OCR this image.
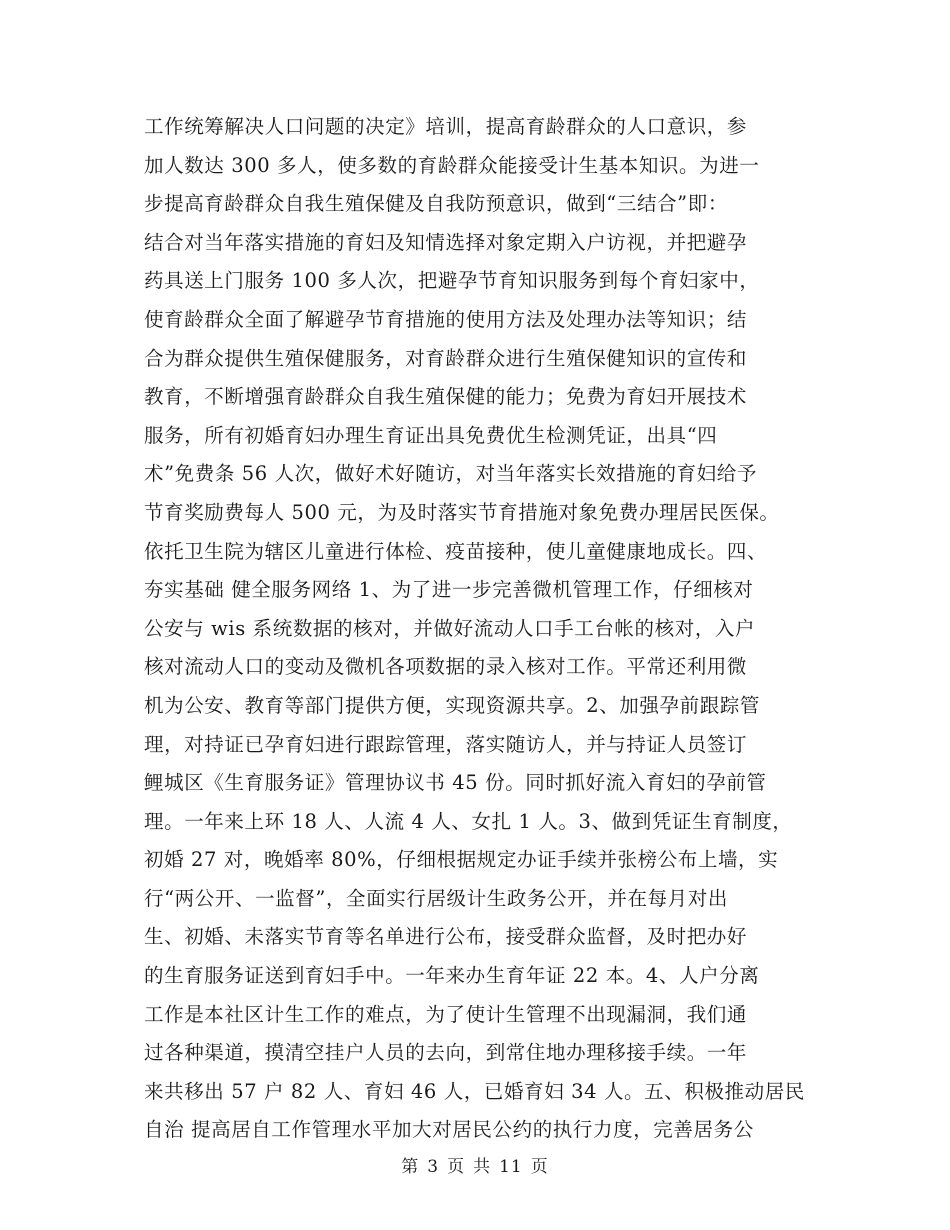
工作统筹解决人口问题的决定》培训，提高育龄群众的人口意识，参
加人数达 300 多人，使多数的育龄群众能接受计生基本知识。为进一
步提高育龄群众自我生殖保健及自我防预意识，做到“三结合”即：
结合对当年落实措施的育妇及知情选择对象定期入户访视，并把避孕
药具送上门服务 100 多人次，把避孕节育知识服务到每个育妇家中，
使育龄群众全面了解避孕节育措施的使用方法及处理办法等知识；结
合为群众提供生殖保健服务，对育龄群众进行生殖保健知识的宣传和
教育，不断增强育龄群众自我生殖保健的能力；免费为育妇开展技术
服务，所有初婚育妇办理生育证出具免费优生检测凭证，出具“四
术”免费条 56 人次，做好术好随访，对当年落实长效措施的育妇给予
节育奖励费每人 500 元，为及时落实节育措施对象免费办理居民医保。
依托卫生院为辖区儿童进行体检、疫苗接种，使儿童健康地成长。四、
夯实基础 健全服务网络 1、为了进一步完善微机管理工作，仔细核对
公安与 wis 系统数据的核对，并做好流动人口手工台帐的核对，入户
核对流动人口的变动及微机各项数据的录入核对工作。平常还利用微
机为公安、教育等部门提供方便，实现资源共享。2、加强孕前跟踪管
理，对持证已孕育妇进行跟踪管理，落实随访人，并与持证人员签订
鲤城区《生育服务证》管理协议书 45 份。同时抓好流入育妇的孕前管
理。一年来上环 18 人、人流 4 人、女扎 1 人。3、做到凭证生育制度，
初婚 27 对，晚婚率 80%，仔细根据规定办证手续并张榜公布上墙，实
行“两公开、一监督”，全面实行居级计生政务公开，并在每月对出
生、初婚、未落实节育等名单进行公布，接受群众监督，及时把办好
的生育服务证送到育妇手中。一年来办生育年证 22 本。4、人户分离
工作是本社区计生工作的难点，为了使计生管理不出现漏洞，我们通
过各种渠道，摸清空挂户人员的去向，到常住地办理移接手续。一年
来共移出 57 户 82 人、育妇 46 人，已婚育妇 34 人。五、积极推动居民
自治 提高居自工作管理水平加大对居民公约的执行力度，完善居务公
第 3 页 共 11 页
